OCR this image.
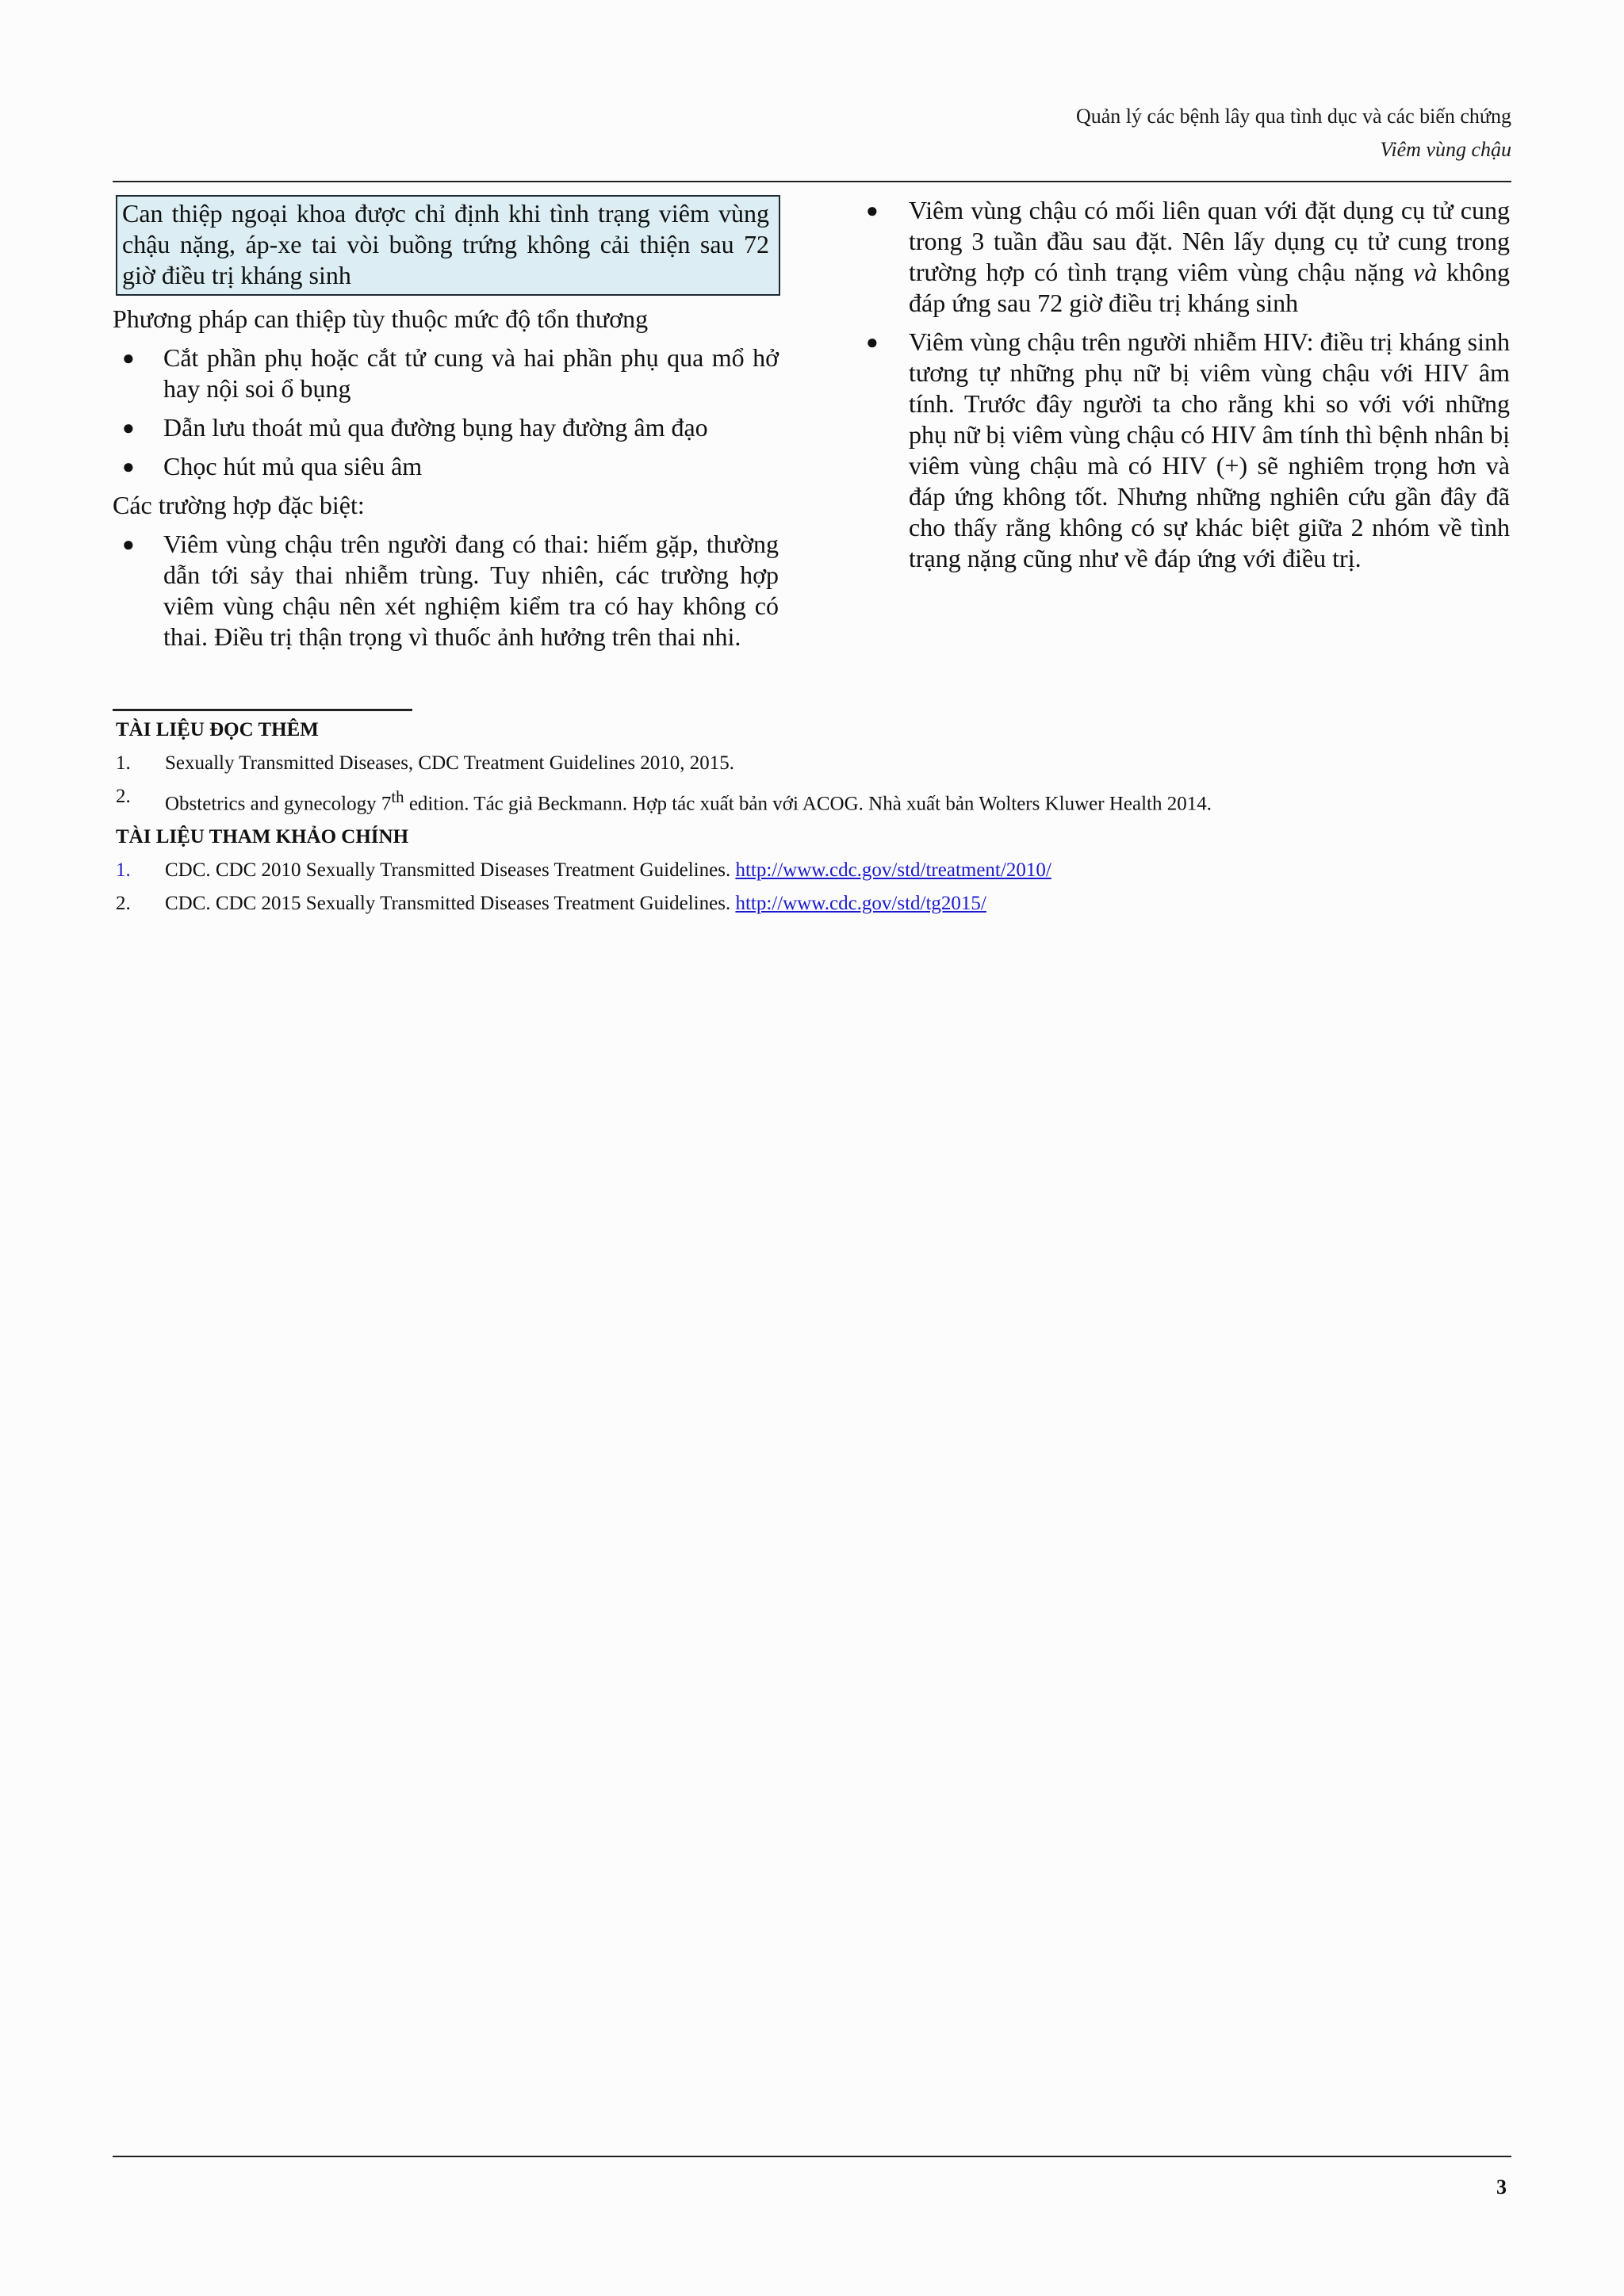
Quản lý các bệnh lây qua tình dục và các biến chứng
Viêm vùng chậu

Can thiệp ngoại khoa được chỉ định khi tình trạng viêm vùng chậu nặng, áp-xe tai vòi buồng trứng không cải thiện sau 72 giờ điều trị kháng sinh

Phương pháp can thiệp tùy thuộc mức độ tổn thương

● Cắt phần phụ hoặc cắt tử cung và hai phần phụ qua mổ hở hay nội soi ổ bụng
● Dẫn lưu thoát mủ qua đường bụng hay đường âm đạo
● Chọc hút mủ qua siêu âm

Các trường hợp đặc biệt:

● Viêm vùng chậu trên người đang có thai: hiếm gặp, thường dẫn tới sảy thai nhiễm trùng. Tuy nhiên, các trường hợp viêm vùng chậu nên xét nghiệm kiểm tra có hay không có thai. Điều trị thận trọng vì thuốc ảnh hưởng trên thai nhi.
● Viêm vùng chậu có mối liên quan với đặt dụng cụ tử cung trong 3 tuần đầu sau đặt. Nên lấy dụng cụ tử cung trong trường hợp có tình trạng viêm vùng chậu nặng và không đáp ứng sau 72 giờ điều trị kháng sinh
● Viêm vùng chậu trên người nhiễm HIV: điều trị kháng sinh tương tự những phụ nữ bị viêm vùng chậu với HIV âm tính. Trước đây người ta cho rằng khi so với với những phụ nữ bị viêm vùng chậu có HIV âm tính thì bệnh nhân bị viêm vùng chậu mà có HIV (+) sẽ nghiêm trọng hơn và đáp ứng không tốt. Nhưng những nghiên cứu gần đây đã cho thấy rằng không có sự khác biệt giữa 2 nhóm về tình trạng nặng cũng như về đáp ứng với điều trị.
TÀI LIỆU ĐỌC THÊM
1.	Sexually Transmitted Diseases, CDC Treatment Guidelines 2010, 2015.
2.	Obstetrics and gynecology 7th edition. Tác giả Beckmann. Hợp tác xuất bản với ACOG. Nhà xuất bản Wolters Kluwer Health 2014.
TÀI LIỆU THAM KHẢO CHÍNH
1.	CDC. CDC 2010 Sexually Transmitted Diseases Treatment Guidelines. http://www.cdc.gov/std/treatment/2010/
2.	CDC. CDC 2015 Sexually Transmitted Diseases Treatment Guidelines. http://www.cdc.gov/std/tg2015/
3
